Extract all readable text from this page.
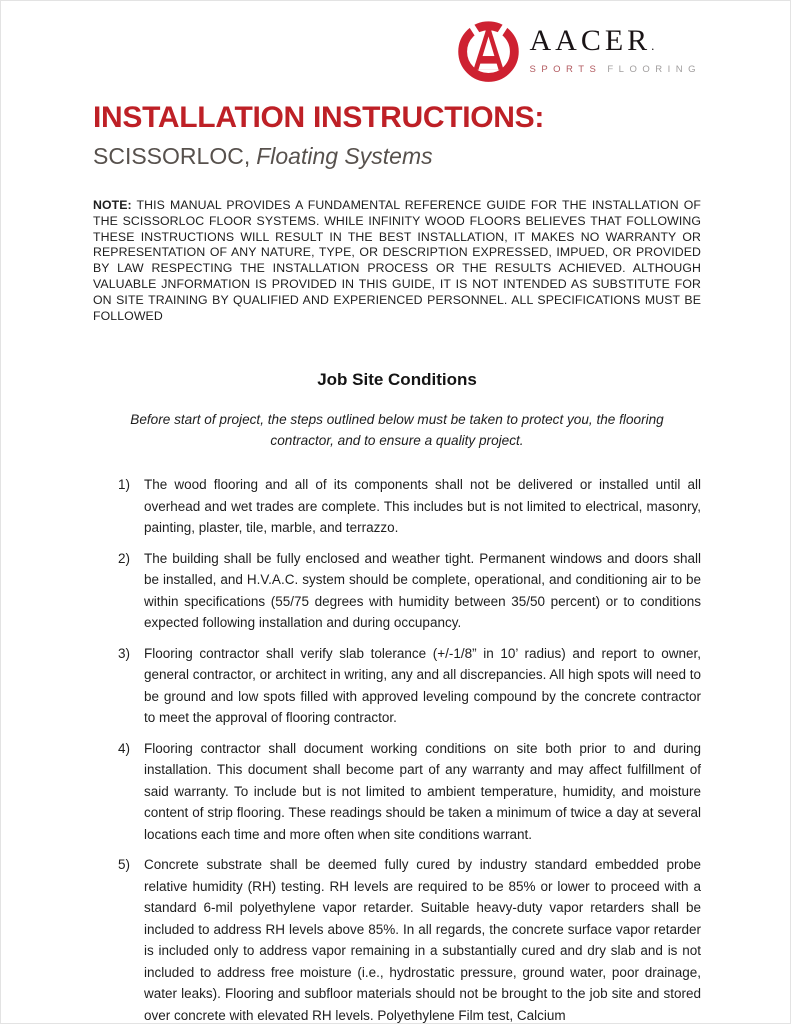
AACER.
SPORTS FLOORING
INSTALLATION INSTRUCTIONS:
SCISSORLOC, Floating Systems

NOTE: THIS MANUAL PROVIDES A FUNDAMENTAL REFERENCE GUIDE FOR THE INSTALLATION OF THE SCISSORLOC FLOOR SYSTEMS. WHILE INFINITY WOOD FLOORS BELIEVES THAT FOLLOWING THESE INSTRUCTIONS WILL RESULT IN THE BEST INSTALLATION, IT MAKES NO WARRANTY OR REPRESENTATION OF ANY NATURE, TYPE, OR DESCRIPTION EXPRESSED, IMPUED, OR PROVIDED BY LAW RESPECTING THE INSTALLATION PROCESS OR THE RESULTS ACHIEVED. ALTHOUGH VALUABLE JNFORMATION IS PROVIDED IN THIS GUIDE, IT IS NOT INTENDED AS SUBSTITUTE FOR ON SITE TRAINING BY QUALIFIED AND EXPERIENCED PERSONNEL. ALL SPECIFICATIONS MUST BE FOLLOWED

Job Site Conditions

Before start of project, the steps outlined below must be taken to protect you, the flooring contractor, and to ensure a quality project.

1) The wood flooring and all of its components shall not be delivered or installed until all overhead and wet trades are complete. This includes but is not limited to electrical, masonry, painting, plaster, tile, marble, and terrazzo.
2) The building shall be fully enclosed and weather tight. Permanent windows and doors shall be installed, and H.V.A.C. system should be complete, operational, and conditioning air to be within specifications (55/75 degrees with humidity between 35/50 percent) or to conditions expected following installation and during occupancy.
3) Flooring contractor shall verify slab tolerance (+/-1/8” in 10’ radius) and report to owner, general contractor, or architect in writing, any and all discrepancies. All high spots will need to be ground and low spots filled with approved leveling compound by the concrete contractor to meet the approval of flooring contractor.
4) Flooring contractor shall document working conditions on site both prior to and during installation. This document shall become part of any warranty and may affect fulfillment of said warranty. To include but is not limited to ambient temperature, humidity, and moisture content of strip flooring. These readings should be taken a minimum of twice a day at several locations each time and more often when site conditions warrant.
5) Concrete substrate shall be deemed fully cured by industry standard embedded probe relative humidity (RH) testing. RH levels are required to be 85% or lower to proceed with a standard 6-mil polyethylene vapor retarder. Suitable heavy-duty vapor retarders shall be included to address RH levels above 85%. In all regards, the concrete surface vapor retarder is included only to address vapor remaining in a substantially cured and dry slab and is not included to address free moisture (i.e., hydrostatic pressure, ground water, poor drainage, water leaks). Flooring and subfloor materials should not be brought to the job site and stored over concrete with elevated RH levels. Polyethylene Film test, Calcium
